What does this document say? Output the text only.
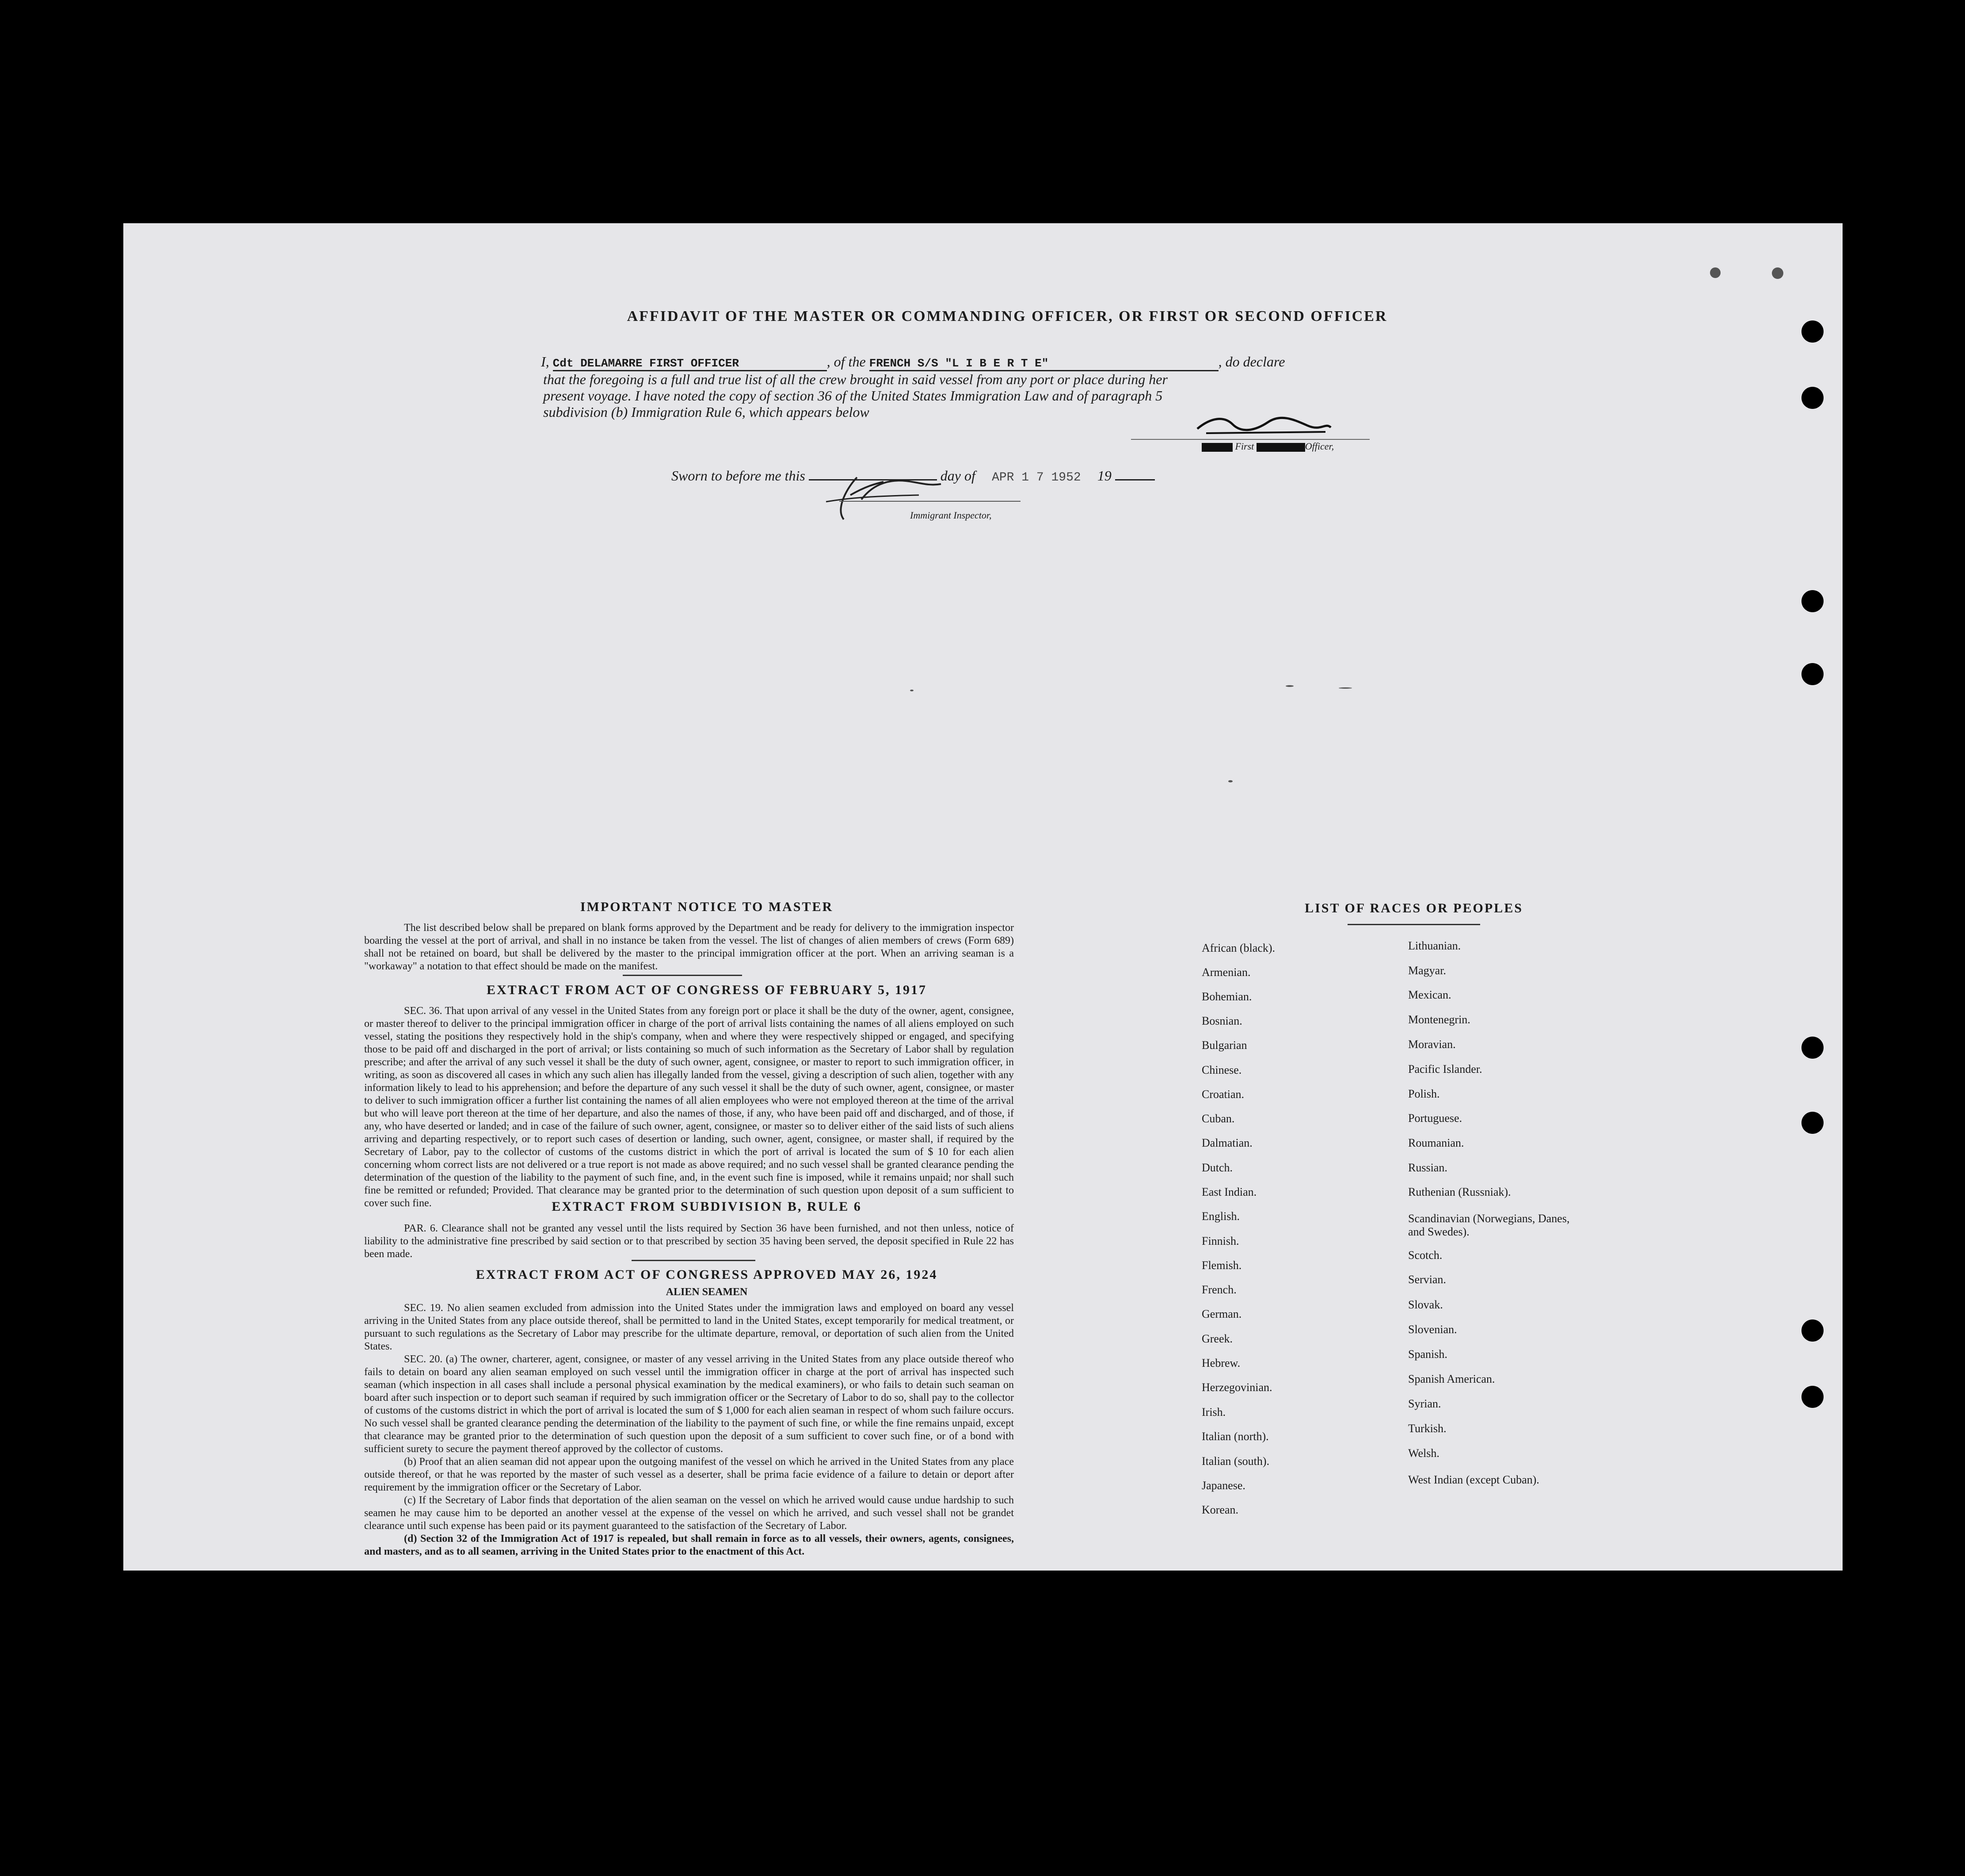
AFFIDAVIT OF THE MASTER OR COMMANDING OFFICER, OR FIRST OR SECOND OFFICER
I, Cdt DELAMARRE FIRST OFFICER	, of the FRENCH S/S "L I B E R T E"	, do declare
that the foregoing is a full and true list of all the crew brought in said vessel from any port or place during her
present voyage. I have noted the copy of section 36 of the United States Immigration Law and of paragraph 5
subdivision (b) Immigration Rule 6, which appears below
First	Officer,
Sworn to before me this	day of APR 1 7 1952 19
Immigrant Inspector,
IMPORTANT NOTICE TO MASTER
The list described below shall be prepared on blank forms approved by the Department and be ready for delivery to the immigration inspector boarding the vessel at the port of arrival, and shall in no instance be taken from the vessel. The list of changes of alien members of crews (Form 689) shall not be retained on board, but shall be delivered by the master to the principal immigration officer at the port. When an arriving seaman is a "workaway" a notation to that effect should be made on the manifest.
EXTRACT FROM ACT OF CONGRESS OF FEBRUARY 5, 1917
SEC. 36. That upon arrival of any vessel in the United States from any foreign port or place it shall be the duty of the owner, agent, consignee, or master thereof to deliver to the principal immigration officer in charge of the port of arrival lists containing the names of all aliens employed on such vessel, stating the positions they respectively hold in the ship's company, when and where they were respectively shipped or engaged, and specifying those to be paid off and discharged in the port of arrival; or lists containing so much of such information as the Secretary of Labor shall by regulation prescribe; and after the arrival of any such vessel it shall be the duty of such owner, agent, consignee, or master to report to such immigration officer, in writing, as soon as discovered all cases in which any such alien has illegally landed from the vessel, giving a description of such alien, together with any information likely to lead to his apprehension; and before the departure of any such vessel it shall be the duty of such owner, agent, consignee, or master to deliver to such immigration officer a further list containing the names of all alien employees who were not employed thereon at the time of the arrival but who will leave port thereon at the time of her departure, and also the names of those, if any, who have been paid off and discharged, and of those, if any, who have deserted or landed; and in case of the failure of such owner, agent, consignee, or master so to deliver either of the said lists of such aliens arriving and departing respectively, or to report such cases of desertion or landing, such owner, agent, consignee, or master shall, if required by the Secretary of Labor, pay to the collector of customs of the customs district in which the port of arrival is located the sum of $ 10 for each alien concerning whom correct lists are not delivered or a true report is not made as above required; and no such vessel shall be granted clearance pending the determination of the question of the liability to the payment of such fine, and, in the event such fine is imposed, while it remains unpaid; nor shall such fine be remitted or refunded; Provided. That clearance may be granted prior to the determination of such question upon deposit of a sum sufficient to cover such fine.	EXTRACT FROM SUBDIVISION B, RULE 6
PAR. 6. Clearance shall not be granted any vessel until the lists required by Section 36 have been furnished, and not then unless, notice of liability to the administrative fine prescribed by said section or to that prescribed by section 35 having been served, the deposit specified in Rule 22 has been made.
EXTRACT FROM ACT OF CONGRESS APPROVED MAY 26, 1924
ALIEN SEAMEN
SEC. 19. No alien seamen excluded from admission into the United States under the immigration laws and employed on board any vessel arriving in the United States from any place outside thereof, shall be permitted to land in the United States, except temporarily for medical treatment, or pursuant to such regulations as the Secretary of Labor may prescribe for the ultimate departure, removal, or deportation of such alien from the United States.
SEC. 20. (a) The owner, charterer, agent, consignee, or master of any vessel arriving in the United States from any place outside thereof who fails to detain on board any alien seaman employed on such vessel until the immigration officer in charge at the port of arrival has inspected such seaman (which inspection in all cases shall include a personal physical examination by the medical examiners), or who fails to detain such seaman on board after such inspection or to deport such seaman if required by such immigration officer or the Secretary of Labor to do so, shall pay to the collector of customs of the customs district in which the port of arrival is located the sum of $ 1,000 for each alien seaman in respect of whom such failure occurs. No such vessel shall be granted clearance pending the determination of the liability to the payment of such fine, or while the fine remains unpaid, except that clearance may be granted prior to the determination of such question upon the deposit of a sum sufficient to cover such fine, or of a bond with sufficient surety to secure the payment thereof approved by the collector of customs.
(b) Proof that an alien seaman did not appear upon the outgoing manifest of the vessel on which he arrived in the United States from any place outside thereof, or that he was reported by the master of such vessel as a deserter, shall be prima facie evidence of a failure to detain or deport after requirement by the immigration officer or the Secretary of Labor.
(c) If the Secretary of Labor finds that deportation of the alien seaman on the vessel on which he arrived would cause undue hardship to such seamen he may cause him to be deported an another vessel at the expense of the vessel on which he arrived, and such vessel shall not be grandet clearance until such expense has been paid or its payment guaranteed to the satisfaction of the Secretary of Labor.
(d) Section 32 of the Immigration Act of 1917 is repealed, but shall remain in force as to all vessels, their owners, agents, consignees, and masters, and as to all seamen, arriving in the United States prior to the enactment of this Act.
LIST OF RACES OR PEOPLES
African (black).
Armenian.
Bohemian.
Bosnian.
Bulgarian
Chinese.
Croatian.
Cuban.
Dalmatian.
Dutch.
East Indian.
English.
Finnish.
Flemish.
French.
German.
Greek.
Hebrew.
Herzegovinian.
Irish.
Italian (north).
Italian (south).
Japanese.
Korean.
Lithuanian.
Magyar.
Mexican.
Montenegrin.
Moravian.
Pacific Islander.
Polish.
Portuguese.
Roumanian.
Russian.
Ruthenian (Russniak).
Scandinavian (Norwegians, Danes, and Swedes).
Scotch.
Servian.
Slovak.
Slovenian.
Spanish.
Spanish American.
Syrian.
Turkish.
Welsh.
West Indian (except Cuban).
